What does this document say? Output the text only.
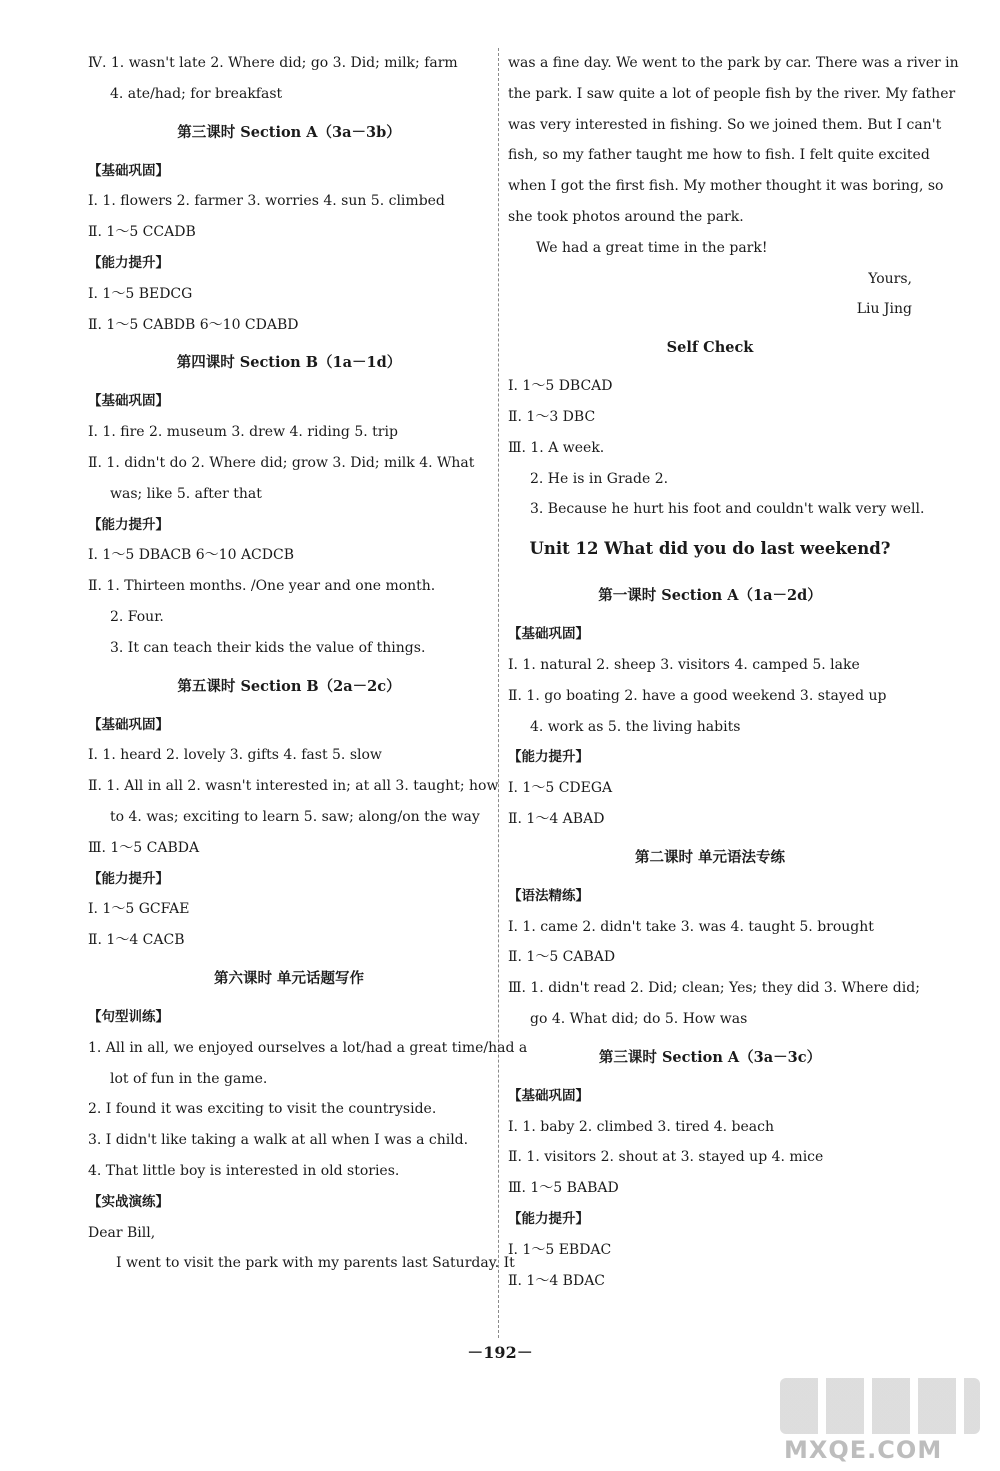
Ⅳ. 1. wasn't late 2. Where did; go 3. Did; milk; farm
4. ate/had; for breakfast
第三课时 Section A（3a－3b）
【基础巩固】
Ⅰ. 1. flowers 2. farmer 3. worries 4. sun 5. climbed
Ⅱ. 1～5 CCADB
【能力提升】
Ⅰ. 1～5 BEDCG
Ⅱ. 1～5 CABDB 6～10 CDABD
第四课时 Section B（1a－1d）
【基础巩固】
Ⅰ. 1. fire 2. museum 3. drew 4. riding 5. trip
Ⅱ. 1. didn't do 2. Where did; grow 3. Did; milk 4. What
was; like 5. after that
【能力提升】
Ⅰ. 1～5 DBACB 6～10 ACDCB
Ⅱ. 1. Thirteen months. /One year and one month.
2. Four.
3. It can teach their kids the value of things.
第五课时 Section B（2a－2c）
【基础巩固】
Ⅰ. 1. heard 2. lovely 3. gifts 4. fast 5. slow
Ⅱ. 1. All in all 2. wasn't interested in; at all 3. taught; how
to 4. was; exciting to learn 5. saw; along/on the way
Ⅲ. 1～5 CABDA
【能力提升】
Ⅰ. 1～5 GCFAE
Ⅱ. 1～4 CACB
第六课时 单元话题写作
【句型训练】
1. All in all, we enjoyed ourselves a lot/had a great time/had a
lot of fun in the game.
2. I found it was exciting to visit the countryside.
3. I didn't like taking a walk at all when I was a child.
4. That little boy is interested in old stories.
【实战演练】
Dear Bill,
I went to visit the park with my parents last Saturday. It
was a fine day. We went to the park by car. There was a river in
the park. I saw quite a lot of people fish by the river. My father
was very interested in fishing. So we joined them. But I can't
fish, so my father taught me how to fish. I felt quite excited
when I got the first fish. My mother thought it was boring, so
she took photos around the park.
We had a great time in the park!
Yours,
Liu Jing
Self Check
Ⅰ. 1～5 DBCAD
Ⅱ. 1～3 DBC
Ⅲ. 1. A week.
2. He is in Grade 2.
3. Because he hurt his foot and couldn't walk very well.
Unit 12 What did you do last weekend?
第一课时 Section A（1a－2d）
【基础巩固】
Ⅰ. 1. natural 2. sheep 3. visitors 4. camped 5. lake
Ⅱ. 1. go boating 2. have a good weekend 3. stayed up
4. work as 5. the living habits
【能力提升】
Ⅰ. 1～5 CDEGA
Ⅱ. 1～4 ABAD
第二课时 单元语法专练
【语法精练】
Ⅰ. 1. came 2. didn't take 3. was 4. taught 5. brought
Ⅱ. 1～5 CABAD
Ⅲ. 1. didn't read 2. Did; clean; Yes; they did 3. Where did;
go 4. What did; do 5. How was
第三课时 Section A（3a－3c）
【基础巩固】
Ⅰ. 1. baby 2. climbed 3. tired 4. beach
Ⅱ. 1. visitors 2. shout at 3. stayed up 4. mice
Ⅲ. 1～5 BABAD
【能力提升】
Ⅰ. 1～5 EBDAC
Ⅱ. 1～4 BDAC
－192－
MXQE.COM
